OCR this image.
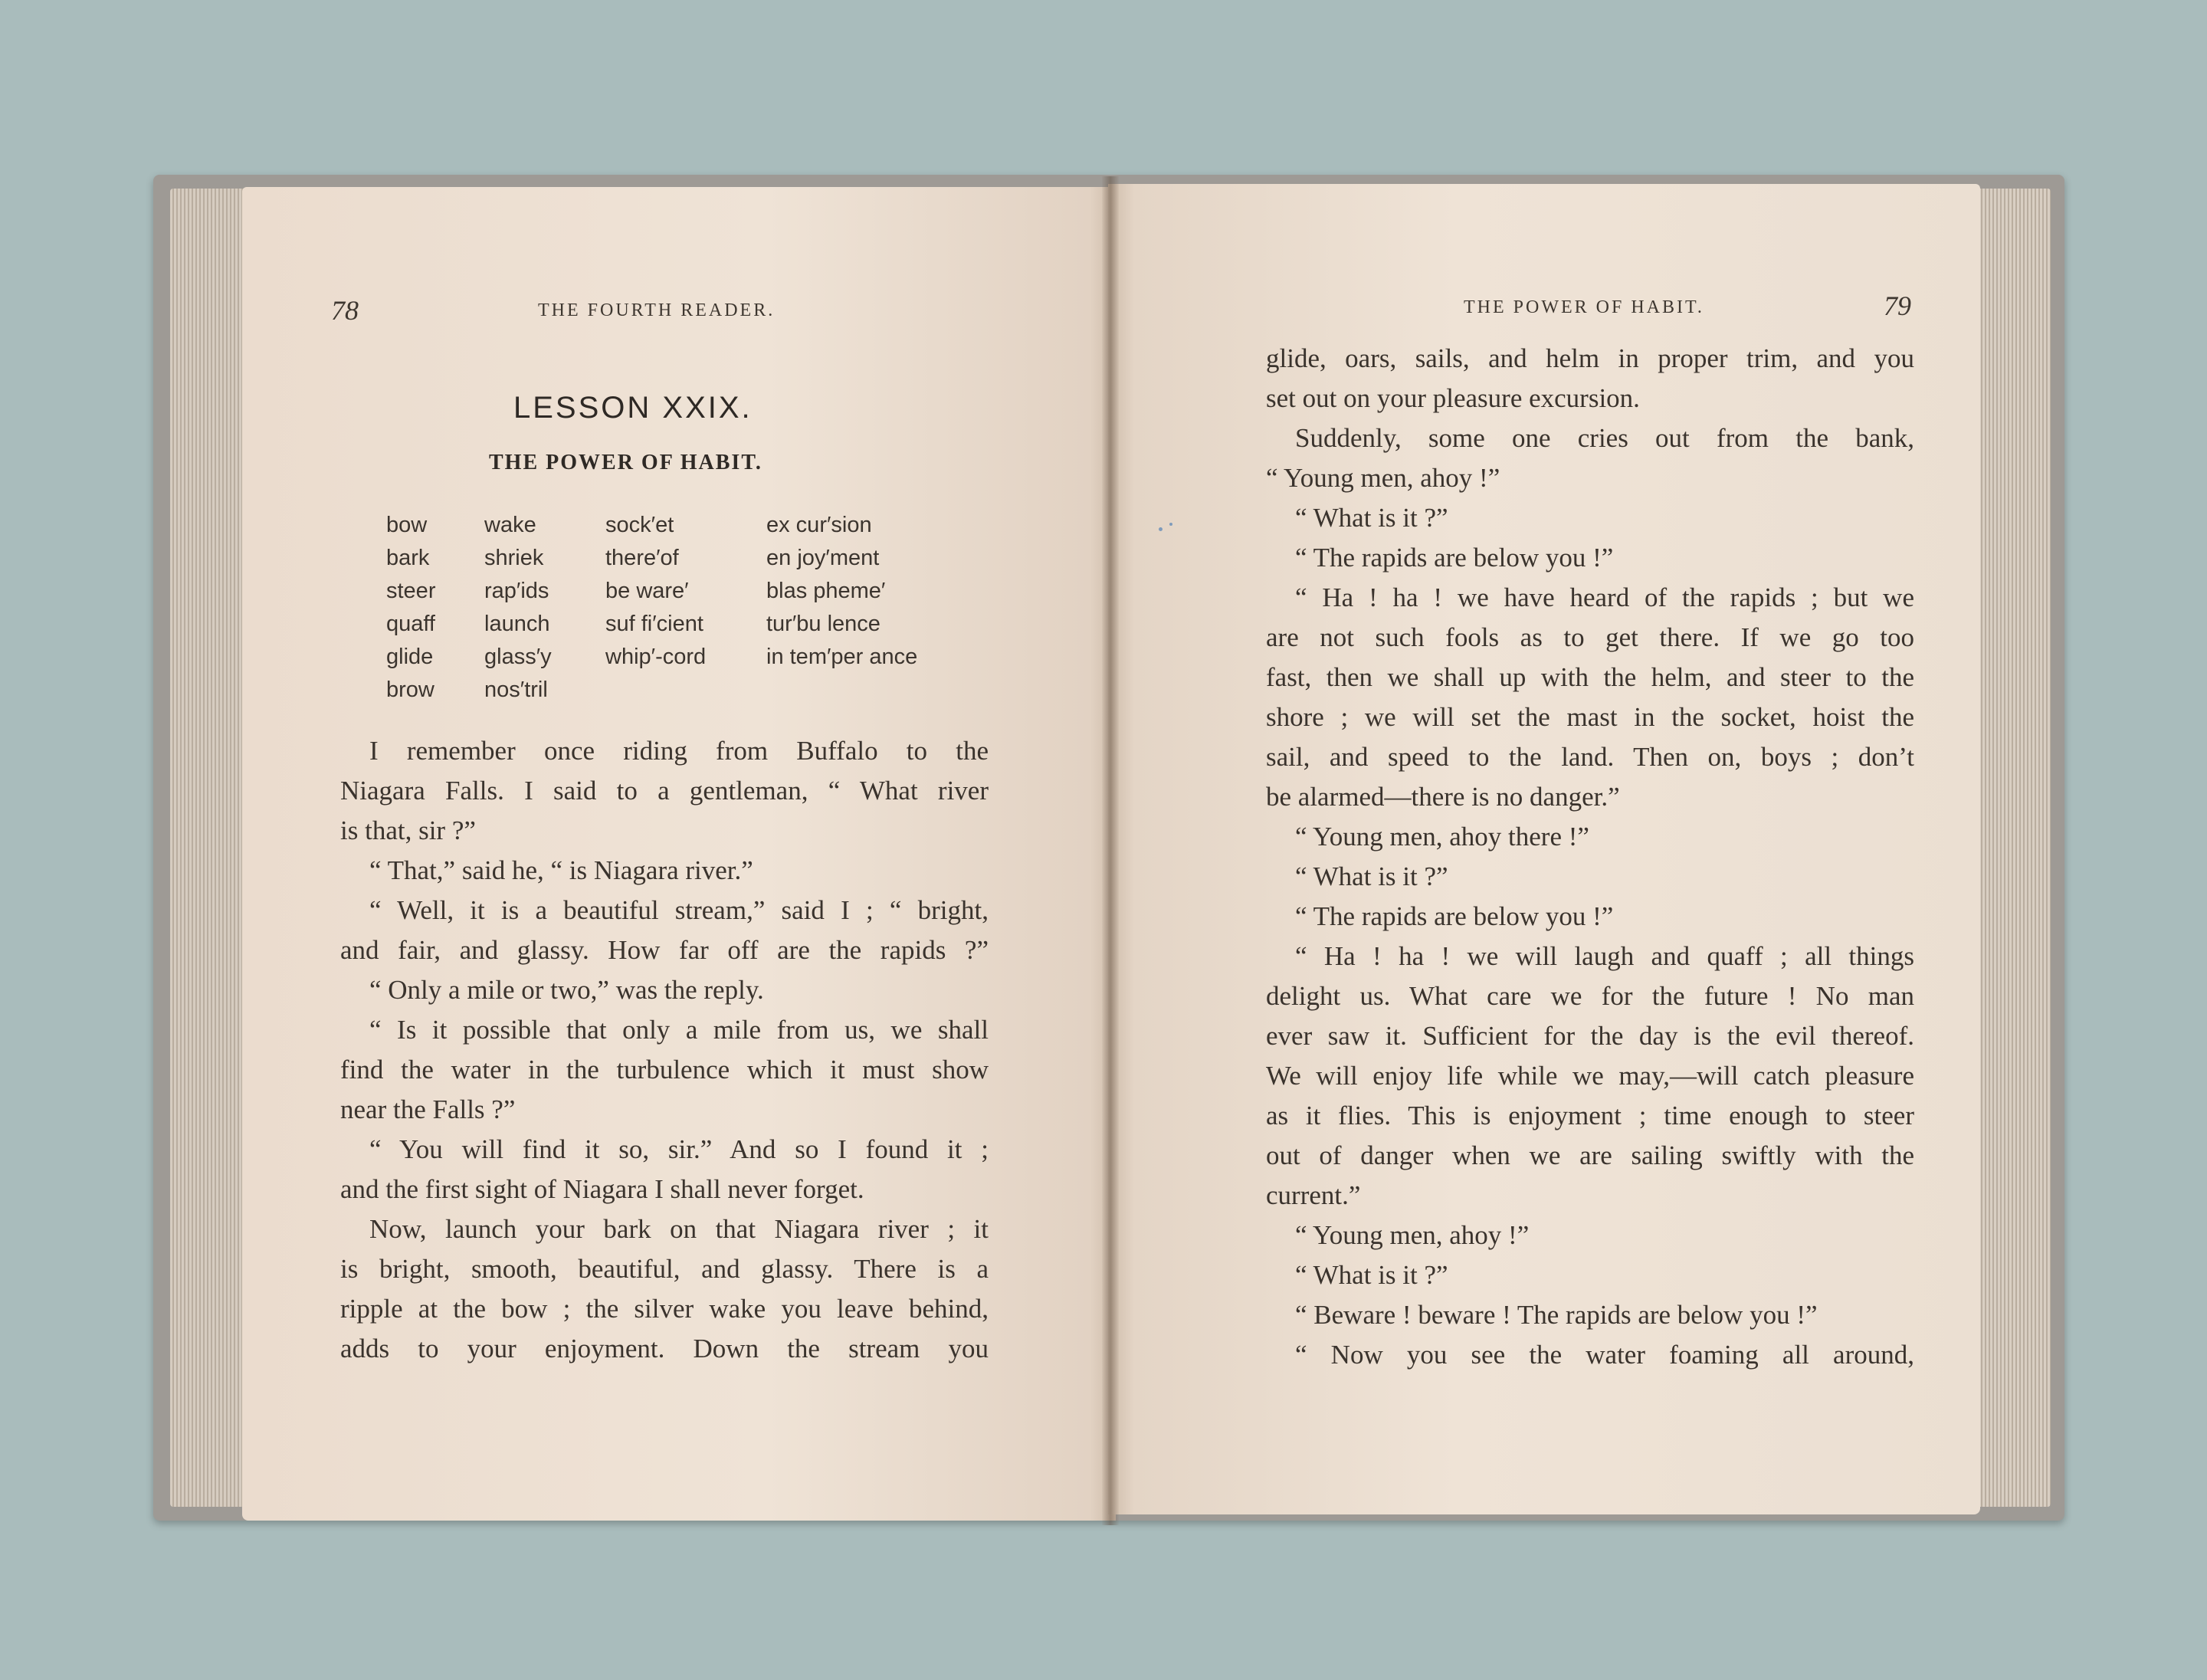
78	THE FOURTH READER.
LESSON XXIX.
THE POWER OF HABIT.
bow
bark
steer
quaff
glide
brow
wake
shriek
rap′ids
launch
glass′y
nos′tril
sock′et
there′of
be ware′
suf fi′cient
whip′-cord
ex cur′sion
en joy′ment
blas pheme′
tur′bu lence
in tem′per ance
I remember once riding from Buffalo to the
Niagara Falls. I said to a gentleman, “ What river
is that, sir ?”
“ That,” said he, “ is Niagara river.”
“ Well, it is a beautiful stream,” said I ; “ bright,
and fair, and glassy. How far off are the rapids ?”
“ Only a mile or two,” was the reply.
“ Is it possible that only a mile from us, we shall
find the water in the turbulence which it must show
near the Falls ?”
“ You will find it so, sir.” And so I found it ;
and the first sight of Niagara I shall never forget.
Now, launch your bark on that Niagara river ; it
is bright, smooth, beautiful, and glassy. There is a
ripple at the bow ; the silver wake you leave behind,
adds to your enjoyment. Down the stream you
THE POWER OF HABIT.	79
glide, oars, sails, and helm in proper trim, and you
set out on your pleasure excursion.
Suddenly, some one cries out from the bank,
“ Young men, ahoy !”
“ What is it ?”
“ The rapids are below you !”
“ Ha ! ha ! we have heard of the rapids ; but we
are not such fools as to get there. If we go too
fast, then we shall up with the helm, and steer to the
shore ; we will set the mast in the socket, hoist the
sail, and speed to the land. Then on, boys ; don’t
be alarmed—there is no danger.”
“ Young men, ahoy there !”
“ What is it ?”
“ The rapids are below you !”
“ Ha ! ha ! we will laugh and quaff ; all things
delight us. What care we for the future ! No man
ever saw it. Sufficient for the day is the evil thereof.
We will enjoy life while we may,—will catch pleasure
as it flies. This is enjoyment ; time enough to steer
out of danger when we are sailing swiftly with the
current.”
“ Young men, ahoy !”
“ What is it ?”
“ Beware ! beware ! The rapids are below you !”
“ Now you see the water foaming all around,
